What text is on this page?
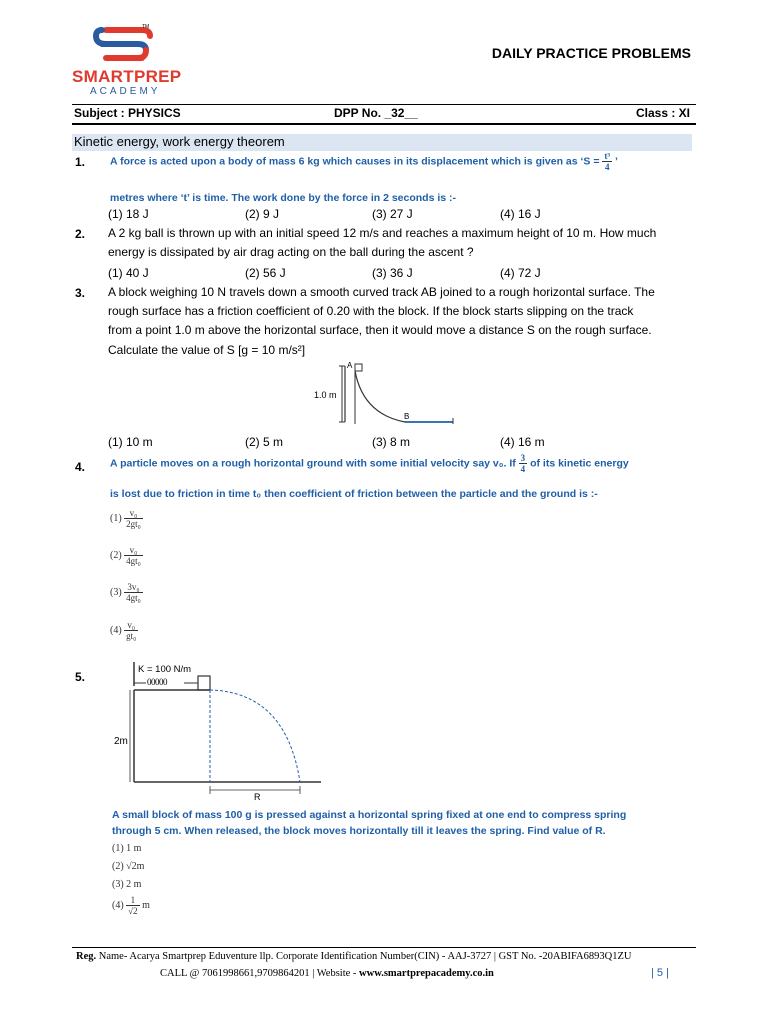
TM
SMARTPREP
ACADEMY
DAILY PRACTICE PROBLEMS
Subject : PHYSICS	DPP No. _32__	Class : XI
Kinetic energy, work energy theorem
1. A force is acted upon a body of mass 6 kg which causes in its displacement which is given as ‘$S = \frac{\text{t³}}{4}$ ’
metres where ‘t’ is time. The work done by the force in 2 seconds is :-
(1) 18 J	(2) 9 J	(3) 27 J	(4) 16 J
2. A 2 kg ball is thrown up with an initial speed 12 m/s and reaches a maximum height of 10 m. How much
energy is dissipated by air drag acting on the ball during the ascent ?
(1) 40 J	(2) 56 J	(3) 36 J	(4) 72 J
3. A block weighing 10 N travels down a smooth curved track AB joined to a rough horizontal surface. The
rough surface has a friction coefficient of 0.20 with the block. If the block starts slipping on the track
from a point 1.0 m above the horizontal surface, then it would move a distance S on the rough surface.
Calculate the value of S [g = 10 m/s²]
1.0 m
A
B
(1) 10 m	(2) 5 m	(3) 8 m	(4) 16 m
4. A particle moves on a rough horizontal ground with some initial velocity say v₀. If $\frac{3}{4}$ of its kinetic energy
is lost due to friction in time t₀ then coefficient of friction between the particle and the ground is :-
$(1) \frac{\text{v₀}}{\text{2gt₀}}$
$(2) \frac{\text{v₀}}{\text{4gt₀}}$
$(3) \frac{\text{3v₀}}{\text{4gt₀}}$
$(4) \frac{\text{v₀}}{\text{gt₀}}$
5.
K = 100 N/m
00000
2m
R
A small block of mass 100 g is pressed against a horizontal spring fixed at one end to compress spring
through 5 cm. When released, the block moves horizontally till it leaves the spring. Find value of R.
(1) 1 m
(2) √2m
(3) 2 m
$(4) \frac{1}{√2}$ m
Reg. Name- Acarya Smartprep Eduventure llp. Corporate Identification Number(CIN) - AAJ-3727 | GST No. -20ABIFA6893Q1ZU
CALL @ 7061998661,9709864201 | Website - www.smartprepacademy.co.in	| 5 |
